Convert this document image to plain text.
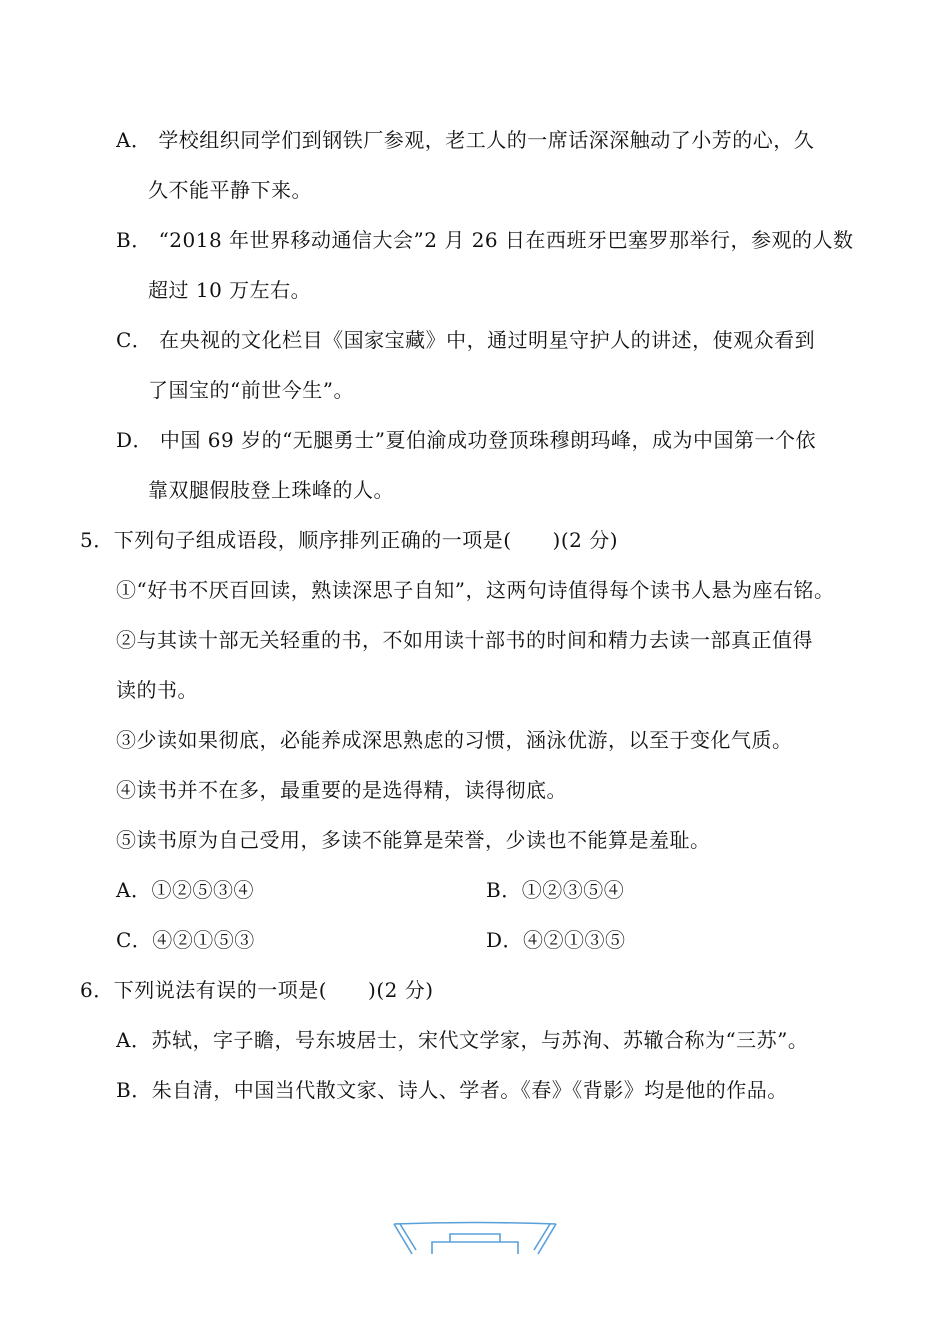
A． 学校组织同学们到钢铁厂参观，老工人的一席话深深触动了小芳的心，久
久不能平静下来。
B． “2018 年世界移动通信大会”2 月 26 日在西班牙巴塞罗那举行，参观的人数
超过 10 万左右。
C． 在央视的文化栏目《国家宝藏》中，通过明星守护人的讲述，使观众看到
了国宝的“前世今生”。
D． 中国 69 岁的“无腿勇士”夏伯渝成功登顶珠穆朗玛峰，成为中国第一个依
靠双腿假肢登上珠峰的人。
5．下列句子组成语段，顺序排列正确的一项是(　　)(2 分)
①“好书不厌百回读，熟读深思子自知”，这两句诗值得每个读书人悬为座右铭。
②与其读十部无关轻重的书，不如用读十部书的时间和精力去读一部真正值得
读的书。
③少读如果彻底，必能养成深思熟虑的习惯，涵泳优游，以至于变化气质。
④读书并不在多，最重要的是选得精，读得彻底。
⑤读书原为自己受用，多读不能算是荣誉，少读也不能算是羞耻。
A．①②⑤③④	B．①②③⑤④
C．④②①⑤③	D．④②①③⑤
6．下列说法有误的一项是(　　)(2 分)
A．苏轼，字子瞻，号东坡居士，宋代文学家，与苏洵、苏辙合称为“三苏”。
B．朱自清，中国当代散文家、诗人、学者。《春》《背影》均是他的作品。
